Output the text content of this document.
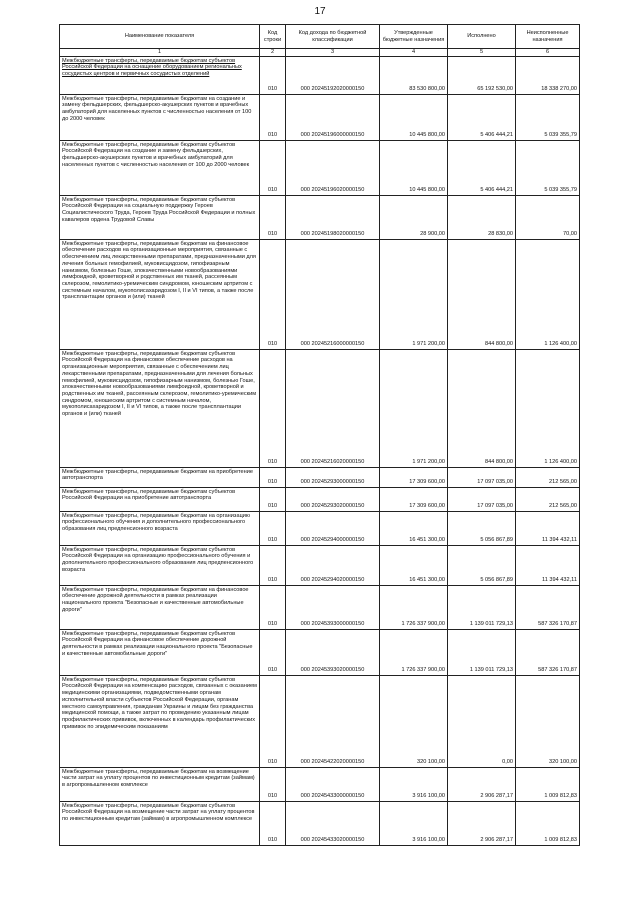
17
Наименование показателя	Код строки	Код дохода по бюджетной классификации	Утвержденные бюджетные назначения	Исполнено	Неисполненные назначения
1	2	3	4	5	6
Межбюджетные трансферты, передаваемые бюджетам субъектов Российской Федерации на оснащение оборудованием региональных сосудистых центров и первичных сосудистых отделений	010	000 20245192020000150	83 530 800,00	65 192 530,00	18 338 270,00
Межбюджетные трансферты, передаваемые бюджетам на создание и замену фельдшерских, фельдшерско-акушерских пунктов и врачебных амбулаторий для населенных пунктов с численностью населения от 100 до 2000 человек	010	000 20245196000000150	10 445 800,00	5 406 444,21	5 039 355,79
Межбюджетные трансферты, передаваемые бюджетам субъектов Российской Федерации на создание и замену фельдшерских, фельдшерско-акушерских пунктов и врачебных амбулаторий для населенных пунктов с численностью населения от 100 до 2000 человек	010	000 20245196020000150	10 445 800,00	5 406 444,21	5 039 355,79
Межбюджетные трансферты, передаваемые бюджетам субъектов Российской Федерации на социальную поддержку Героев Социалистического Труда, Героев Труда Российской Федерации и полных кавалеров ордена Трудовой Славы	010	000 20245198020000150	28 900,00	28 830,00	70,00
Межбюджетные трансферты, передаваемые бюджетам на финансовое обеспечение расходов на организационные мероприятия, связанные с обеспечением лиц лекарственными препаратами, предназначенными для лечения больных гемофилией, муковисцидозом, гипофизарным нанизмом, болезнью Гоше, злокачественными новообразованиями лимфоидной, кроветворной и родственных им тканей, рассеянным склерозом, гемолитико-уремическим синдромом, юношеским артритом с системным началом, мукополисахаридозом I, II и VI типов, а также после трансплантации органов и (или) тканей	010	000 20245216000000150	1 971 200,00	844 800,00	1 126 400,00
Межбюджетные трансферты, передаваемые бюджетам субъектов Российской Федерации на финансовое обеспечение расходов на организационные мероприятия, связанные с обеспечением лиц лекарственными препаратами, предназначенными для лечения больных гемофилией, муковисцидозом, гипофизарным нанизмом, болезнью Гоше, злокачественными новообразованиями лимфоидной, кроветворной и родственных им тканей, рассеянным склерозом, гемолитико-уремическим синдромом, юношеским артритом с системным началом, мукополисахаридозом I, II и VI типов, а также после трансплантации органов и (или) тканей	010	000 20245216020000150	1 971 200,00	844 800,00	1 126 400,00
Межбюджетные трансферты, передаваемые бюджетам на приобретение автотранспорта	010	000 20245293000000150	17 309 600,00	17 097 035,00	212 565,00
Межбюджетные трансферты, передаваемые бюджетам субъектов Российской Федерации на приобретение автотранспорта	010	000 20245293020000150	17 309 600,00	17 097 035,00	212 565,00
Межбюджетные трансферты, передаваемые бюджетам на организацию профессионального обучения и дополнительного профессионального образования лиц предпенсионного возраста	010	000 20245294000000150	16 451 300,00	5 056 867,89	11 394 432,11
Межбюджетные трансферты, передаваемые бюджетам субъектов Российской Федерации на организацию профессионального обучения и дополнительного профессионального образования лиц предпенсионного возраста	010	000 20245294020000150	16 451 300,00	5 056 867,89	11 394 432,11
Межбюджетные трансферты, передаваемые бюджетам на финансовое обеспечение дорожной деятельности в рамках реализации национального проекта "Безопасные и качественные автомобильные дороги"	010	000 20245393000000150	1 726 337 900,00	1 139 011 729,13	587 326 170,87
Межбюджетные трансферты, передаваемые бюджетам субъектов Российской Федерации на финансовое обеспечение дорожной деятельности в рамках реализации национального проекта "Безопасные и качественные автомобильные дороги"	010	000 20245393020000150	1 726 337 900,00	1 139 011 729,13	587 326 170,87
Межбюджетные трансферты, передаваемые бюджетам субъектов Российской Федерации на компенсацию расходов, связанных с оказанием медицинскими организациями, подведомственными органам исполнительной власти субъектов Российской Федерации, органам местного самоуправления, гражданам Украины и лицам без гражданства медицинской помощи, а также затрат по проведению указанным лицам профилактических прививок, включенных в календарь профилактических прививок по эпидемическим показаниям	010	000 20245422020000150	320 100,00	0,00	320 100,00
Межбюджетные трансферты, передаваемые бюджетам на возмещение части затрат на уплату процентов по инвестиционным кредитам (займам) в агропромышленном комплексе	010	000 20245433000000150	3 916 100,00	2 906 287,17	1 009 812,83
Межбюджетные трансферты, передаваемые бюджетам субъектов Российской Федерации на возмещение части затрат на уплату процентов по инвестиционным кредитам (займам) в агропромышленном комплексе	010	000 20245433020000150	3 916 100,00	2 906 287,17	1 009 812,83
